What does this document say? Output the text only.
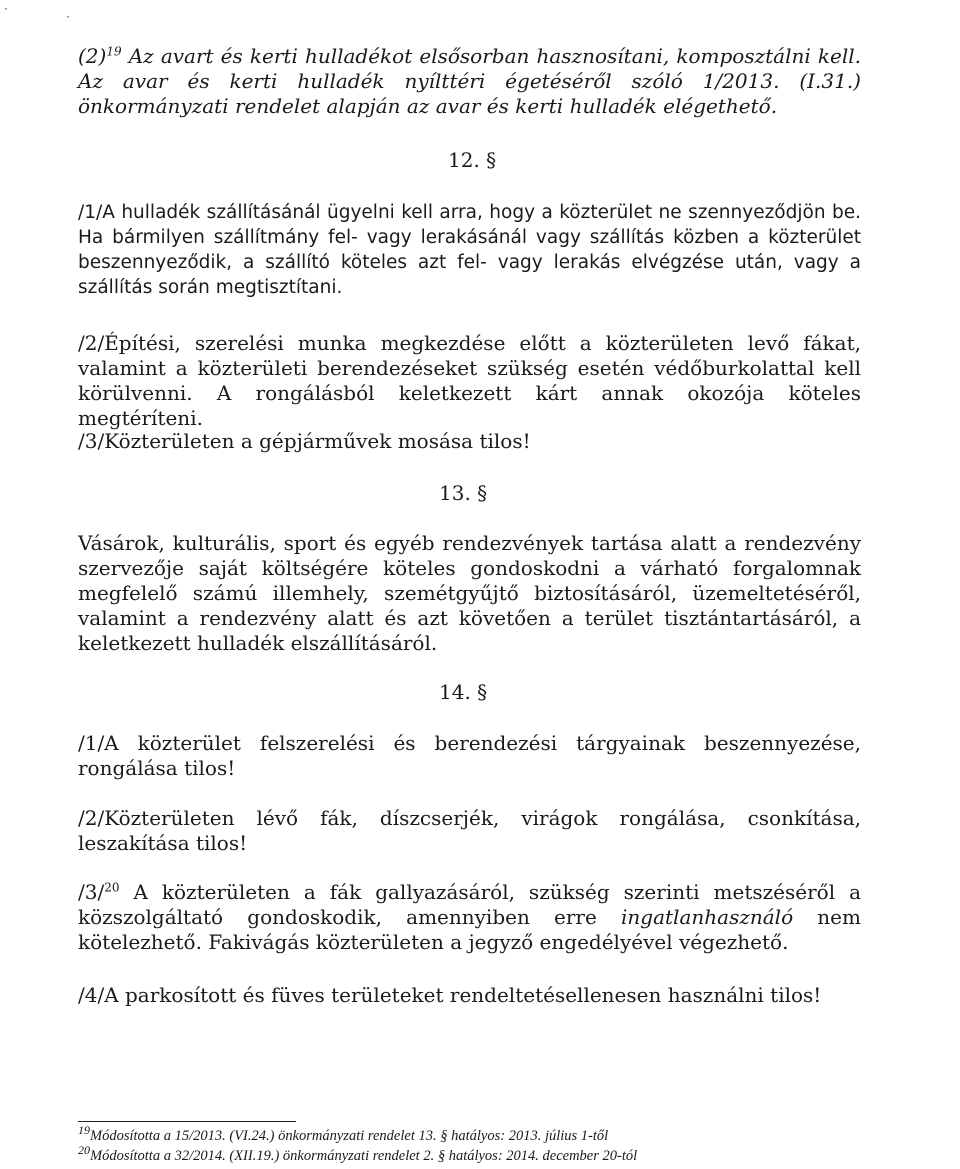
·
·

$(2)^{19}$ Az avart és kerti hulladékot elsősorban hasznosítani, komposztálni kell. Az avar és kerti hulladék nyílttéri égetéséről szóló 1/2013. (I.31.) önkormányzati rendelet alapján az avar és kerti hulladék elégethető.

12. §

/1/A hulladék szállításánál ügyelni kell arra, hogy a közterület ne szennyeződjön be. Ha bármilyen szállítmány fel- vagy lerakásánál vagy szállítás közben a közterület beszennyeződik, a szállító köteles azt fel- vagy lerakás elvégzése után, vagy a szállítás során megtisztítani.

/2/Építési, szerelési munka megkezdése előtt a közterületen levő fákat, valamint a közterületi berendezéseket szükség esetén védőburkolattal kell körülvenni. A rongálásból keletkezett kárt annak okozója köteles megtéríteni.

/3/Közterületen a gépjárművek mosása tilos!

13. §

Vásárok, kulturális, sport és egyéb rendezvények tartása alatt a rendezvény szervezője saját költségére köteles gondoskodni a várható forgalomnak megfelelő számú illemhely, szemétgyűjtő biztosításáról, üzemeltetéséről, valamint a rendezvény alatt és azt követően a terület tisztántartásáról, a keletkezett hulladék elszállításáról.

14. §

/1/A közterület felszerelési és berendezési tárgyainak beszennyezése, rongálása tilos!

/2/Közterületen lévő fák, díszcserjék, virágok rongálása, csonkítása, leszakítása tilos!

/3/$^{20}$ A közterületen a fák gallyazásáról, szükség szerinti metszéséről a közszolgáltató gondoskodik, amennyiben erre ingatlanhasználó nem kötelezhető. Fakivágás közterületen a jegyző engedélyével végezhető.

/4/A parkosított és füves területeket rendeltetésellenesen használni tilos!

$^{19}$Módosította a 15/2013. (VI.24.) önkormányzati rendelet 13. § hatályos: 2013. július 1-től
$^{20}$Módosította a 32/2014. (XII.19.) önkormányzati rendelet 2. § hatályos: 2014. december 20-tól
